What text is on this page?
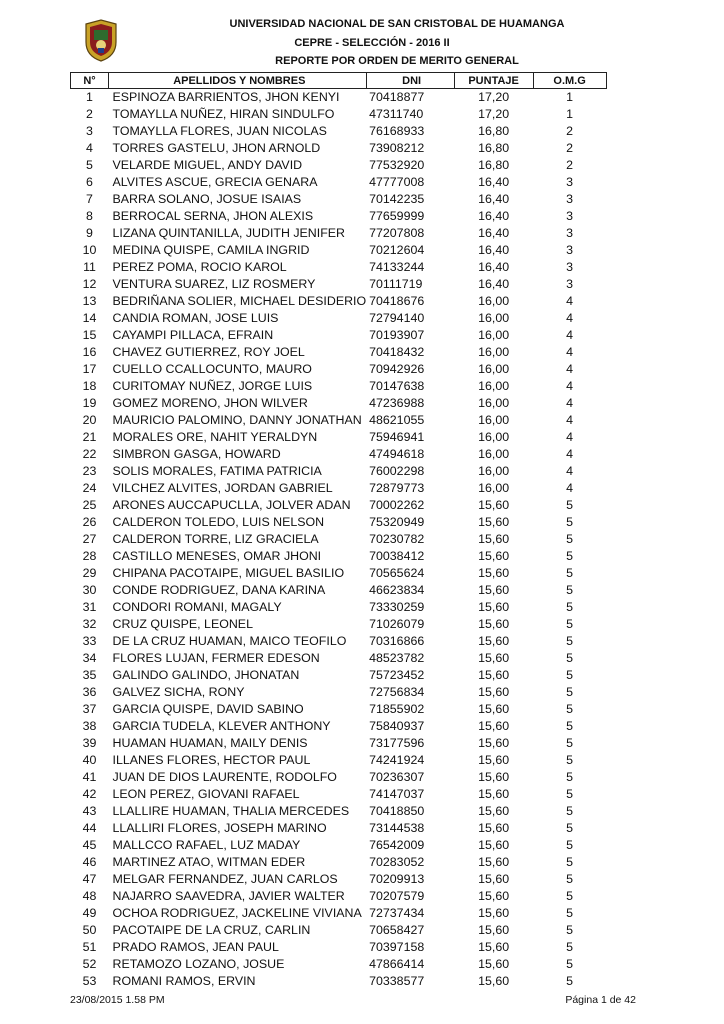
UNIVERSIDAD NACIONAL DE SAN CRISTOBAL DE HUAMANGA
CEPRE - SELECCIÓN - 2016 II
REPORTE POR ORDEN DE MERITO GENERAL
N°	APELLIDOS Y NOMBRES	DNI	PUNTAJE	O.M.G
1	ESPINOZA BARRIENTOS, JHON KENYI	70418877	17,20	1
2	TOMAYLLA NUÑEZ, HIRAN SINDULFO	47311740	17,20	1
3	TOMAYLLA FLORES, JUAN NICOLAS	76168933	16,80	2
4	TORRES GASTELU, JHON ARNOLD	73908212	16,80	2
5	VELARDE MIGUEL, ANDY DAVID	77532920	16,80	2
6	ALVITES ASCUE, GRECIA GENARA	47777008	16,40	3
7	BARRA SOLANO, JOSUE ISAIAS	70142235	16,40	3
8	BERROCAL SERNA, JHON ALEXIS	77659999	16,40	3
9	LIZANA QUINTANILLA, JUDITH JENIFER	77207808	16,40	3
10	MEDINA QUISPE, CAMILA INGRID	70212604	16,40	3
11	PEREZ POMA, ROCIO KAROL	74133244	16,40	3
12	VENTURA SUAREZ, LIZ ROSMERY	70111719	16,40	3
13	BEDRIÑANA SOLIER, MICHAEL DESIDERIO	70418676	16,00	4
14	CANDIA ROMAN, JOSE LUIS	72794140	16,00	4
15	CAYAMPI PILLACA, EFRAIN	70193907	16,00	4
16	CHAVEZ GUTIERREZ, ROY JOEL	70418432	16,00	4
17	CUELLO CCALLOCUNTO, MAURO	70942926	16,00	4
18	CURITOMAY NUÑEZ, JORGE LUIS	70147638	16,00	4
19	GOMEZ MORENO, JHON WILVER	47236988	16,00	4
20	MAURICIO PALOMINO, DANNY JONATHAN	48621055	16,00	4
21	MORALES ORE, NAHIT YERALDYN	75946941	16,00	4
22	SIMBRON GASGA, HOWARD	47494618	16,00	4
23	SOLIS MORALES, FATIMA PATRICIA	76002298	16,00	4
24	VILCHEZ ALVITES, JORDAN GABRIEL	72879773	16,00	4
25	ARONES AUCCAPUCLLA, JOLVER ADAN	70002262	15,60	5
26	CALDERON TOLEDO, LUIS NELSON	75320949	15,60	5
27	CALDERON TORRE, LIZ GRACIELA	70230782	15,60	5
28	CASTILLO MENESES, OMAR JHONI	70038412	15,60	5
29	CHIPANA PACOTAIPE, MIGUEL BASILIO	70565624	15,60	5
30	CONDE RODRIGUEZ, DANA KARINA	46623834	15,60	5
31	CONDORI ROMANI, MAGALY	73330259	15,60	5
32	CRUZ QUISPE, LEONEL	71026079	15,60	5
33	DE LA CRUZ HUAMAN, MAICO TEOFILO	70316866	15,60	5
34	FLORES LUJAN, FERMER EDESON	48523782	15,60	5
35	GALINDO GALINDO, JHONATAN	75723452	15,60	5
36	GALVEZ SICHA, RONY	72756834	15,60	5
37	GARCIA QUISPE, DAVID SABINO	71855902	15,60	5
38	GARCIA TUDELA, KLEVER ANTHONY	75840937	15,60	5
39	HUAMAN HUAMAN, MAILY DENIS	73177596	15,60	5
40	ILLANES FLORES, HECTOR PAUL	74241924	15,60	5
41	JUAN DE DIOS LAURENTE, RODOLFO	70236307	15,60	5
42	LEON PEREZ, GIOVANI RAFAEL	74147037	15,60	5
43	LLALLIRE HUAMAN, THALIA MERCEDES	70418850	15,60	5
44	LLALLIRI FLORES, JOSEPH MARINO	73144538	15,60	5
45	MALLCCO RAFAEL, LUZ MADAY	76542009	15,60	5
46	MARTINEZ ATAO, WITMAN EDER	70283052	15,60	5
47	MELGAR FERNANDEZ, JUAN CARLOS	70209913	15,60	5
48	NAJARRO SAAVEDRA, JAVIER WALTER	70207579	15,60	5
49	OCHOA RODRIGUEZ, JACKELINE VIVIANA	72737434	15,60	5
50	PACOTAIPE DE LA CRUZ, CARLIN	70658427	15,60	5
51	PRADO RAMOS, JEAN PAUL	70397158	15,60	5
52	RETAMOZO LOZANO, JOSUE	47866414	15,60	5
53	ROMANI RAMOS, ERVIN	70338577	15,60	5
23/08/2015 1.58 PM	Página 1 de 42
